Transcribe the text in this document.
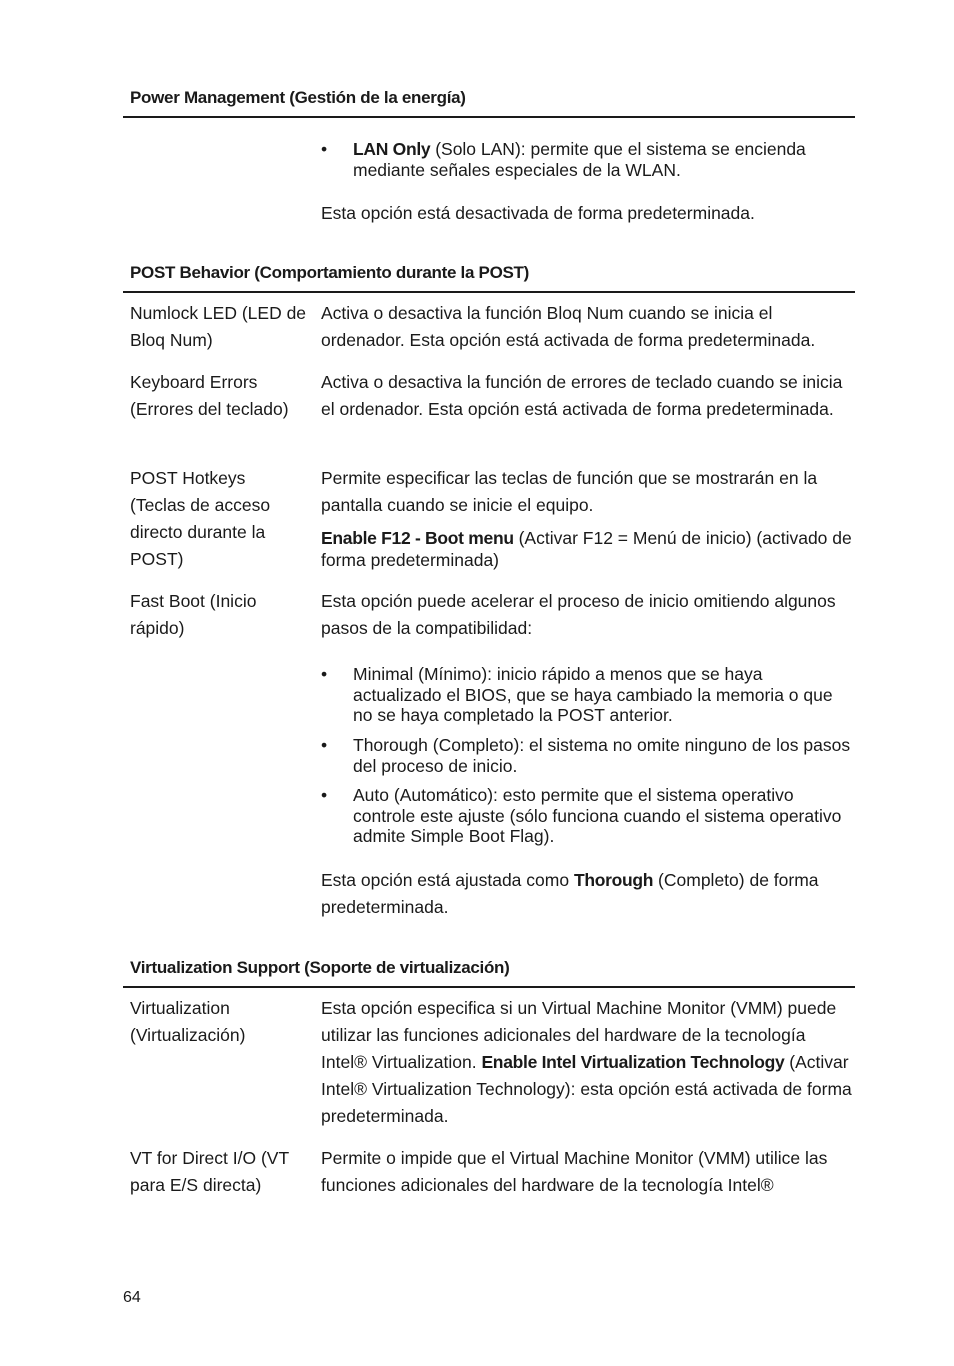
Power Management (Gestión de la energía)
• LAN Only (Solo LAN): permite que el sistema se encienda mediante señales especiales de la WLAN.
Esta opción está desactivada de forma predeterminada.
POST Behavior (Comportamiento durante la POST)
Numlock LED (LED de Bloq Num)
Activa o desactiva la función Bloq Num cuando se inicia el ordenador. Esta opción está activada de forma predeterminada.
Keyboard Errors (Errores del teclado)
Activa o desactiva la función de errores de teclado cuando se inicia el ordenador. Esta opción está activada de forma predeterminada.
POST Hotkeys (Teclas de acceso directo durante la POST)
Permite especificar las teclas de función que se mostrarán en la pantalla cuando se inicie el equipo.
Enable F12 - Boot menu (Activar F12 = Menú de inicio) (activado de forma predeterminada)
Fast Boot (Inicio rápido)
Esta opción puede acelerar el proceso de inicio omitiendo algunos pasos de la compatibilidad:
• Minimal (Mínimo): inicio rápido a menos que se haya actualizado el BIOS, que se haya cambiado la memoria o que no se haya completado la POST anterior.
• Thorough (Completo): el sistema no omite ninguno de los pasos del proceso de inicio.
• Auto (Automático): esto permite que el sistema operativo controle este ajuste (sólo funciona cuando el sistema operativo admite Simple Boot Flag).
Esta opción está ajustada como Thorough (Completo) de forma predeterminada.
Virtualization Support (Soporte de virtualización)
Virtualization (Virtualización)
Esta opción especifica si un Virtual Machine Monitor (VMM) puede utilizar las funciones adicionales del hardware de la tecnología Intel® Virtualization. Enable Intel Virtualization Technology (Activar Intel® Virtualization Technology): esta opción está activada de forma predeterminada.
VT for Direct I/O (VT para E/S directa)
Permite o impide que el Virtual Machine Monitor (VMM) utilice las funciones adicionales del hardware de la tecnología Intel®
64
